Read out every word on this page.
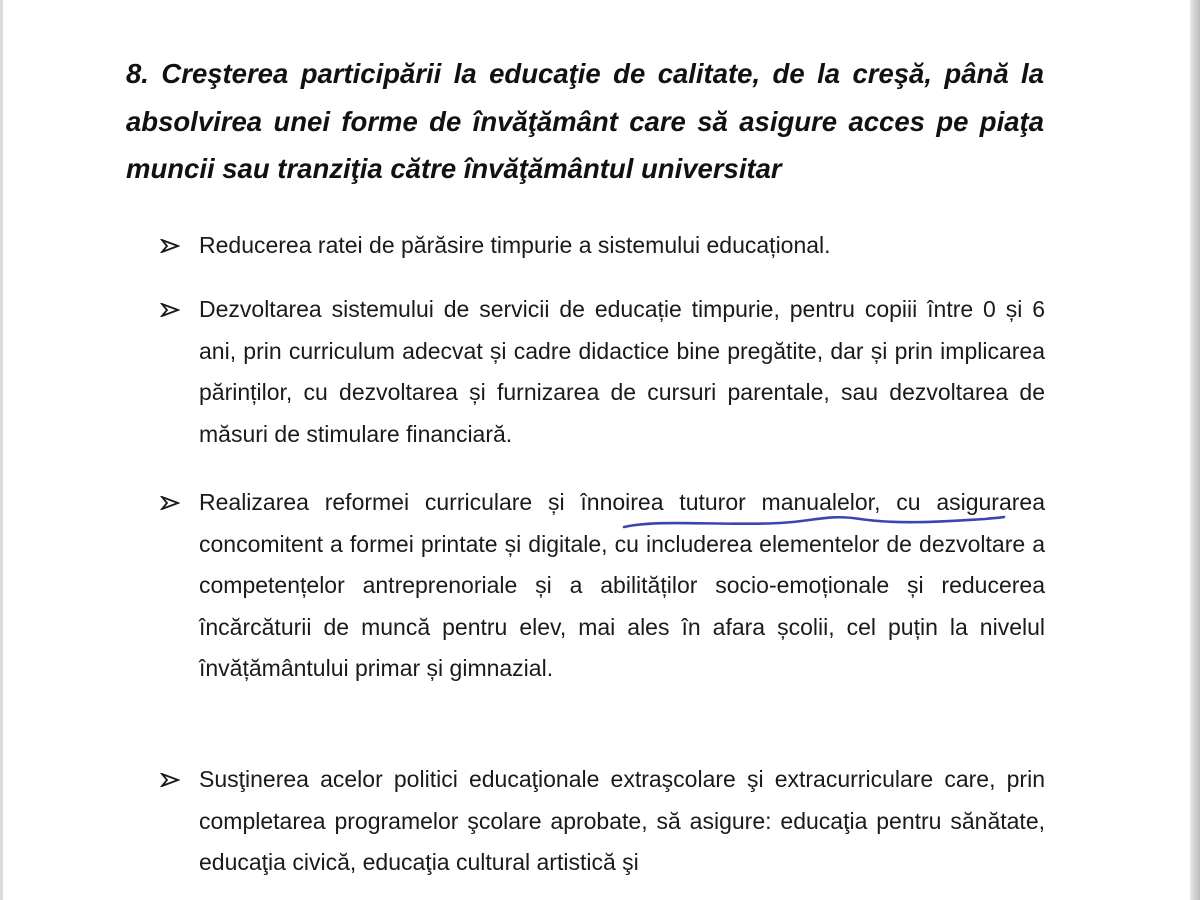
8. Creşterea participării la educaţie de calitate, de la creşă, până la absolvirea unei forme de învăţământ care să asigure acces pe piaţa muncii sau tranziţia către învăţământul universitar

Reducerea ratei de părăsire timpurie a sistemului educațional.

Dezvoltarea sistemului de servicii de educație timpurie, pentru copiii între 0 și 6 ani, prin curriculum adecvat și cadre didactice bine pregătite, dar și prin implicarea părinților, cu dezvoltarea și furnizarea de cursuri parentale, sau dezvoltarea de măsuri de stimulare financiară.

Realizarea reformei curriculare și înnoirea tuturor manualelor, cu asigurarea concomitent a formei printate și digitale, cu includerea elementelor de dezvoltare a competențelor antreprenoriale și a abilităților socio-emoționale și reducerea încărcăturii de muncă pentru elev, mai ales în afara școlii, cel puțin la nivelul învățământului primar și gimnazial.

Susţinerea acelor politici educaţionale extraşcolare şi extracurriculare care, prin completarea programelor şcolare aprobate, să asigure: educaţia pentru sănătate, educaţia civică, educaţia cultural artistică şi
